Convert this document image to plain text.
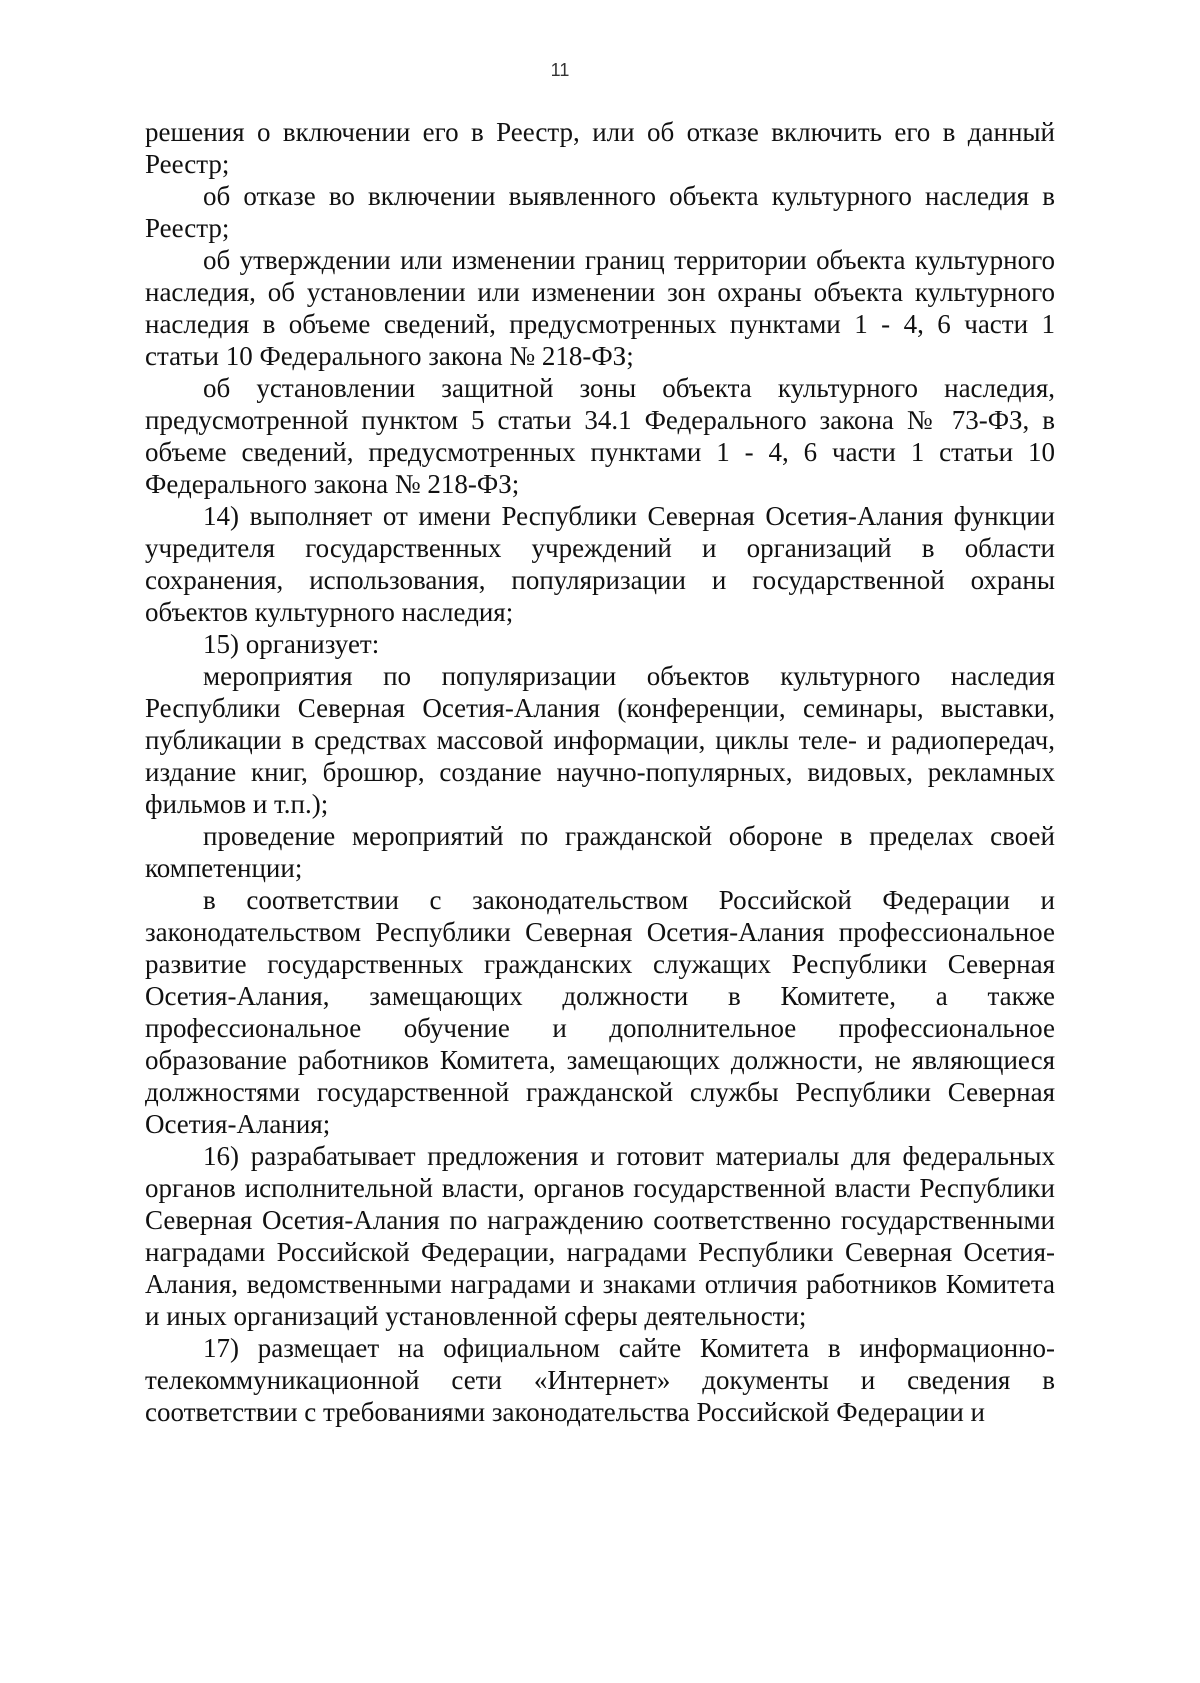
11

решения о включении его в Реестр, или об отказе включить его в данный Реестр;

об отказе во включении выявленного объекта культурного наследия в Реестр;

об утверждении или изменении границ территории объекта культурного наследия, об установлении или изменении зон охраны объекта культурного наследия в объеме сведений, предусмотренных пунктами 1 - 4, 6 части 1 статьи 10 Федерального закона № 218-ФЗ;

об установлении защитной зоны объекта культурного наследия, предусмотренной пунктом 5 статьи 34.1 Федерального закона № 73-ФЗ, в объеме сведений, предусмотренных пунктами 1 - 4, 6 части 1 статьи 10 Федерального закона № 218-ФЗ;

14) выполняет от имени Республики Северная Осетия-Алания функции учредителя государственных учреждений и организаций в области сохранения, использования, популяризации и государственной охраны объектов культурного наследия;

15) организует:

мероприятия по популяризации объектов культурного наследия Республики Северная Осетия-Алания (конференции, семинары, выставки, публикации в средствах массовой информации, циклы теле- и радиопередач, издание книг, брошюр, создание научно-популярных, видовых, рекламных фильмов и т.п.);

проведение мероприятий по гражданской обороне в пределах своей компетенции;

в соответствии с законодательством Российской Федерации и законодательством Республики Северная Осетия-Алания профессиональное развитие государственных гражданских служащих Республики Северная Осетия-Алания, замещающих должности в Комитете, а также профессиональное обучение и дополнительное профессиональное образование работников Комитета, замещающих должности, не являющиеся должностями государственной гражданской службы Республики Северная Осетия-Алания;

16) разрабатывает предложения и готовит материалы для федеральных органов исполнительной власти, органов государственной власти Республики Северная Осетия-Алания по награждению соответственно государственными наградами Российской Федерации, наградами Республики Северная Осетия-Алания, ведомственными наградами и знаками отличия работников Комитета и иных организаций установленной сферы деятельности;

17) размещает на официальном сайте Комитета в информационно-телекоммуникационной сети «Интернет» документы и сведения в соответствии с требованиями законодательства Российской Федерации и
